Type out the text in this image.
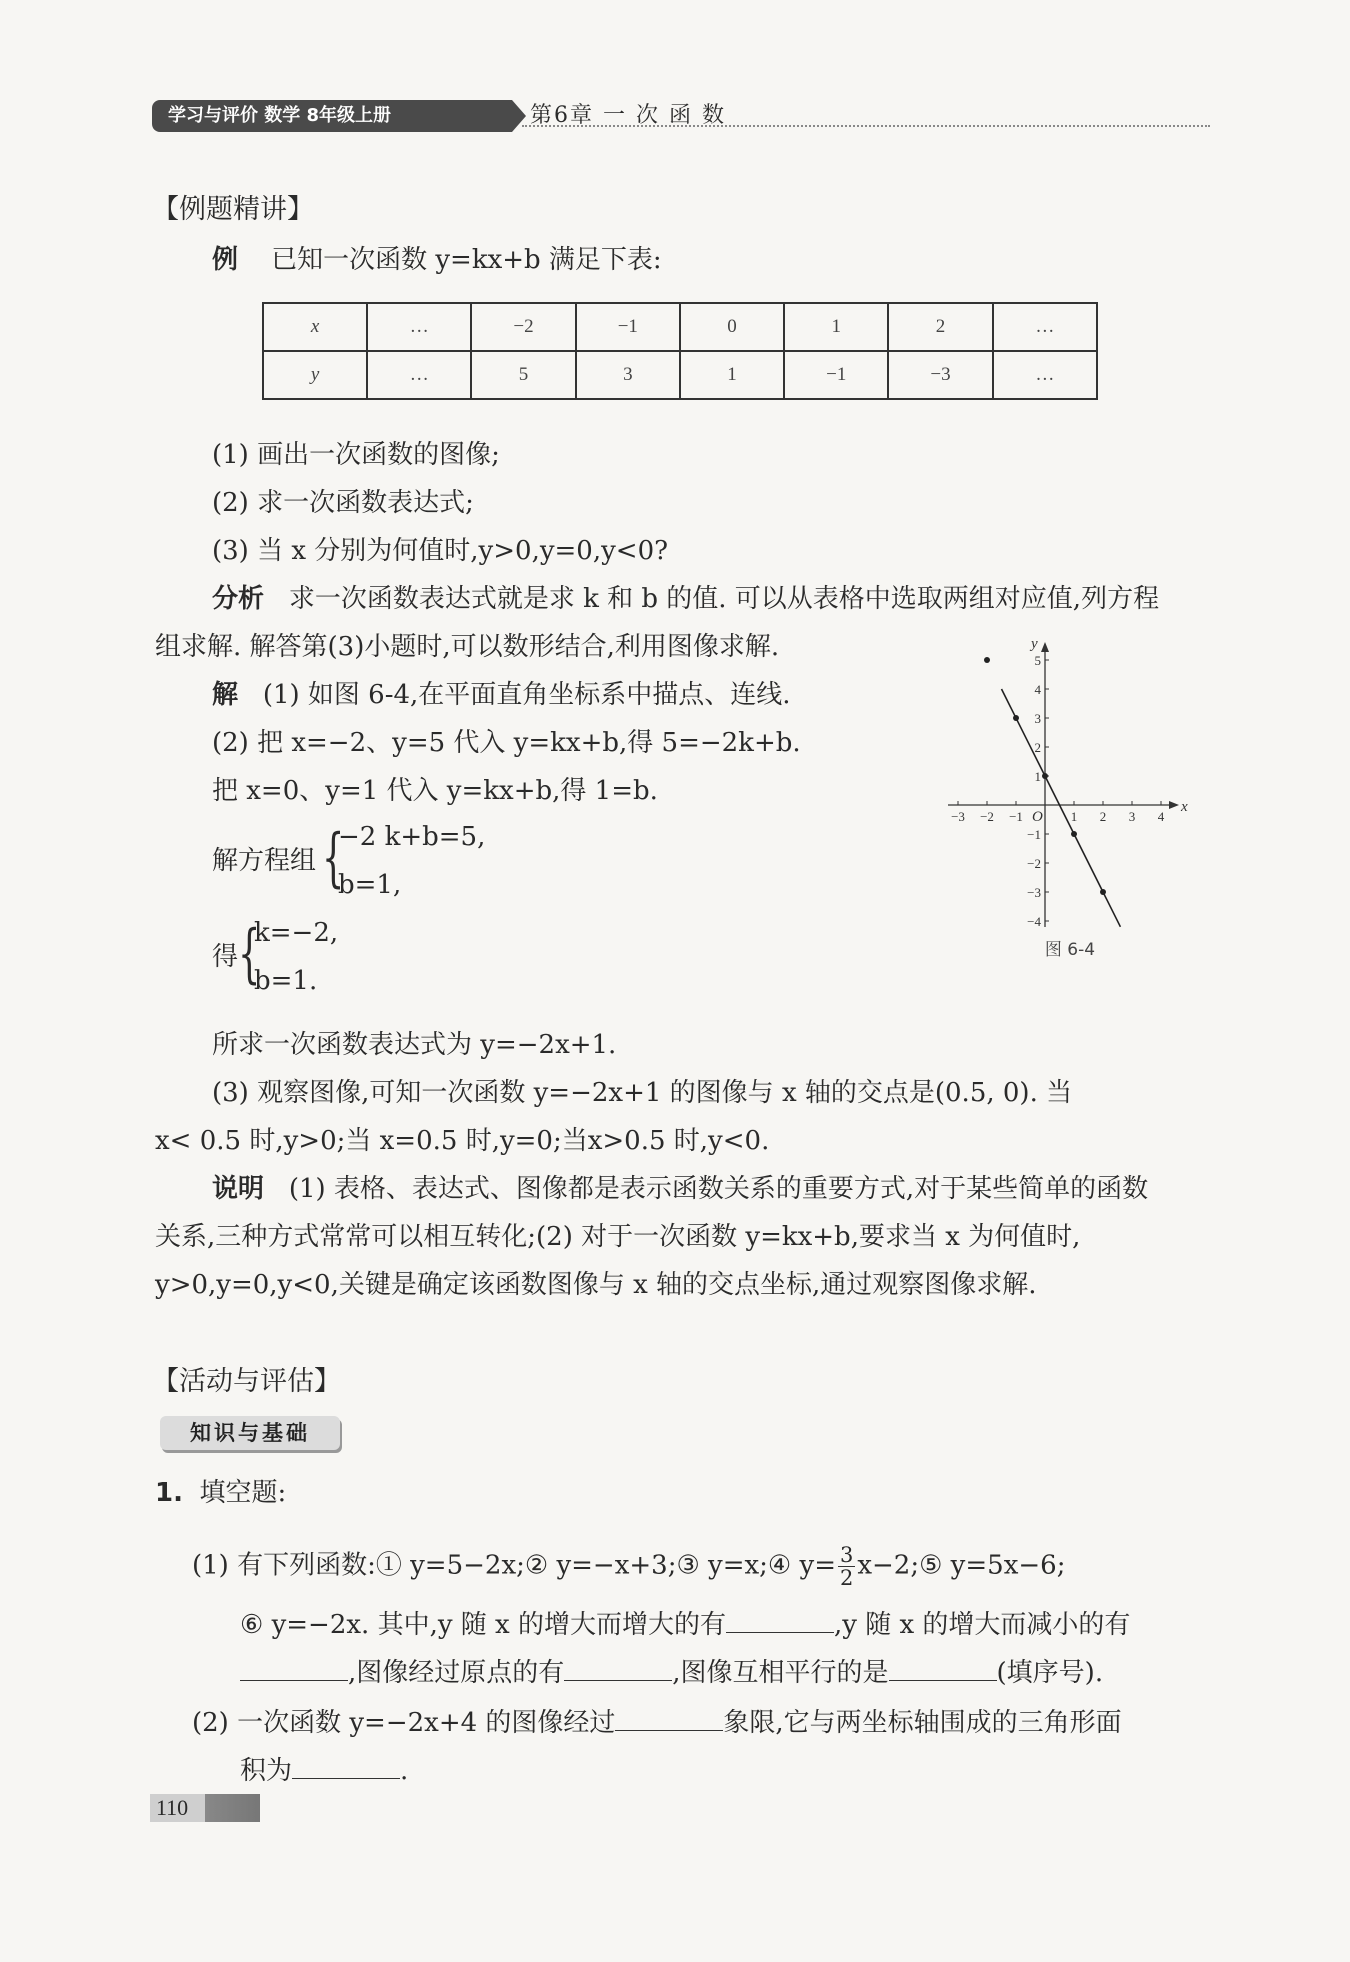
学习与评价 数学 8年级上册	第6章 一 次 函 数
【例题精讲】
例 已知一次函数 y=kx+b 满足下表:
x	…	−2	−1	0	1	2	…
y	…	5	3	1	−1	−3	…
(1) 画出一次函数的图像;
(2) 求一次函数表达式;
(3) 当 x 分别为何值时,y>0,y=0,y<0?
分析 求一次函数表达式就是求 k 和 b 的值. 可以从表格中选取两组对应值,列方程
组求解. 解答第(3)小题时,可以数形结合,利用图像求解.
解 (1) 如图 6-4,在平面直角坐标系中描点、连线.
(2) 把 x=−2、y=5 代入 y=kx+b,得 5=−2k+b.
把 x=0、y=1 代入 y=kx+b,得 1=b.
解方程组 {
−2 k+b=5,
b=1,
得 {
k=−2,
b=1.
所求一次函数表达式为 y=−2x+1.
(3) 观察图像,可知一次函数 y=−2x+1 的图像与 x 轴的交点是(0.5, 0). 当
x< 0.5 时,y>0;当 x=0.5 时,y=0;当x>0.5 时,y<0.
说明 (1) 表格、表达式、图像都是表示函数关系的重要方式,对于某些简单的函数
关系,三种方式常常可以相互转化;(2) 对于一次函数 y=kx+b,要求当 x 为何值时,
y>0,y=0,y<0,关键是确定该函数图像与 x 轴的交点坐标,通过观察图像求解.
x
y
O
−3 −2 −1	1 2 3 4
5
4
3
2
1
−1
−2
−3
−4
图 6-4
【活动与评估】
知识与基础
1. 填空题:
(1) 有下列函数:① y=5−2x;② y=−x+3;③ y=x;④ $y= \frac{3}{2}$ x−2;⑤ y=5x−6;
⑥ y=−2x. 其中,y 随 x 的增大而增大的有	,y 随 x 的增大而减小的有
,图像经过原点的有	,图像互相平行的是	(填序号).
(2) 一次函数 y=−2x+4 的图像经过	象限,它与两坐标轴围成的三角形面
积为	.
110
